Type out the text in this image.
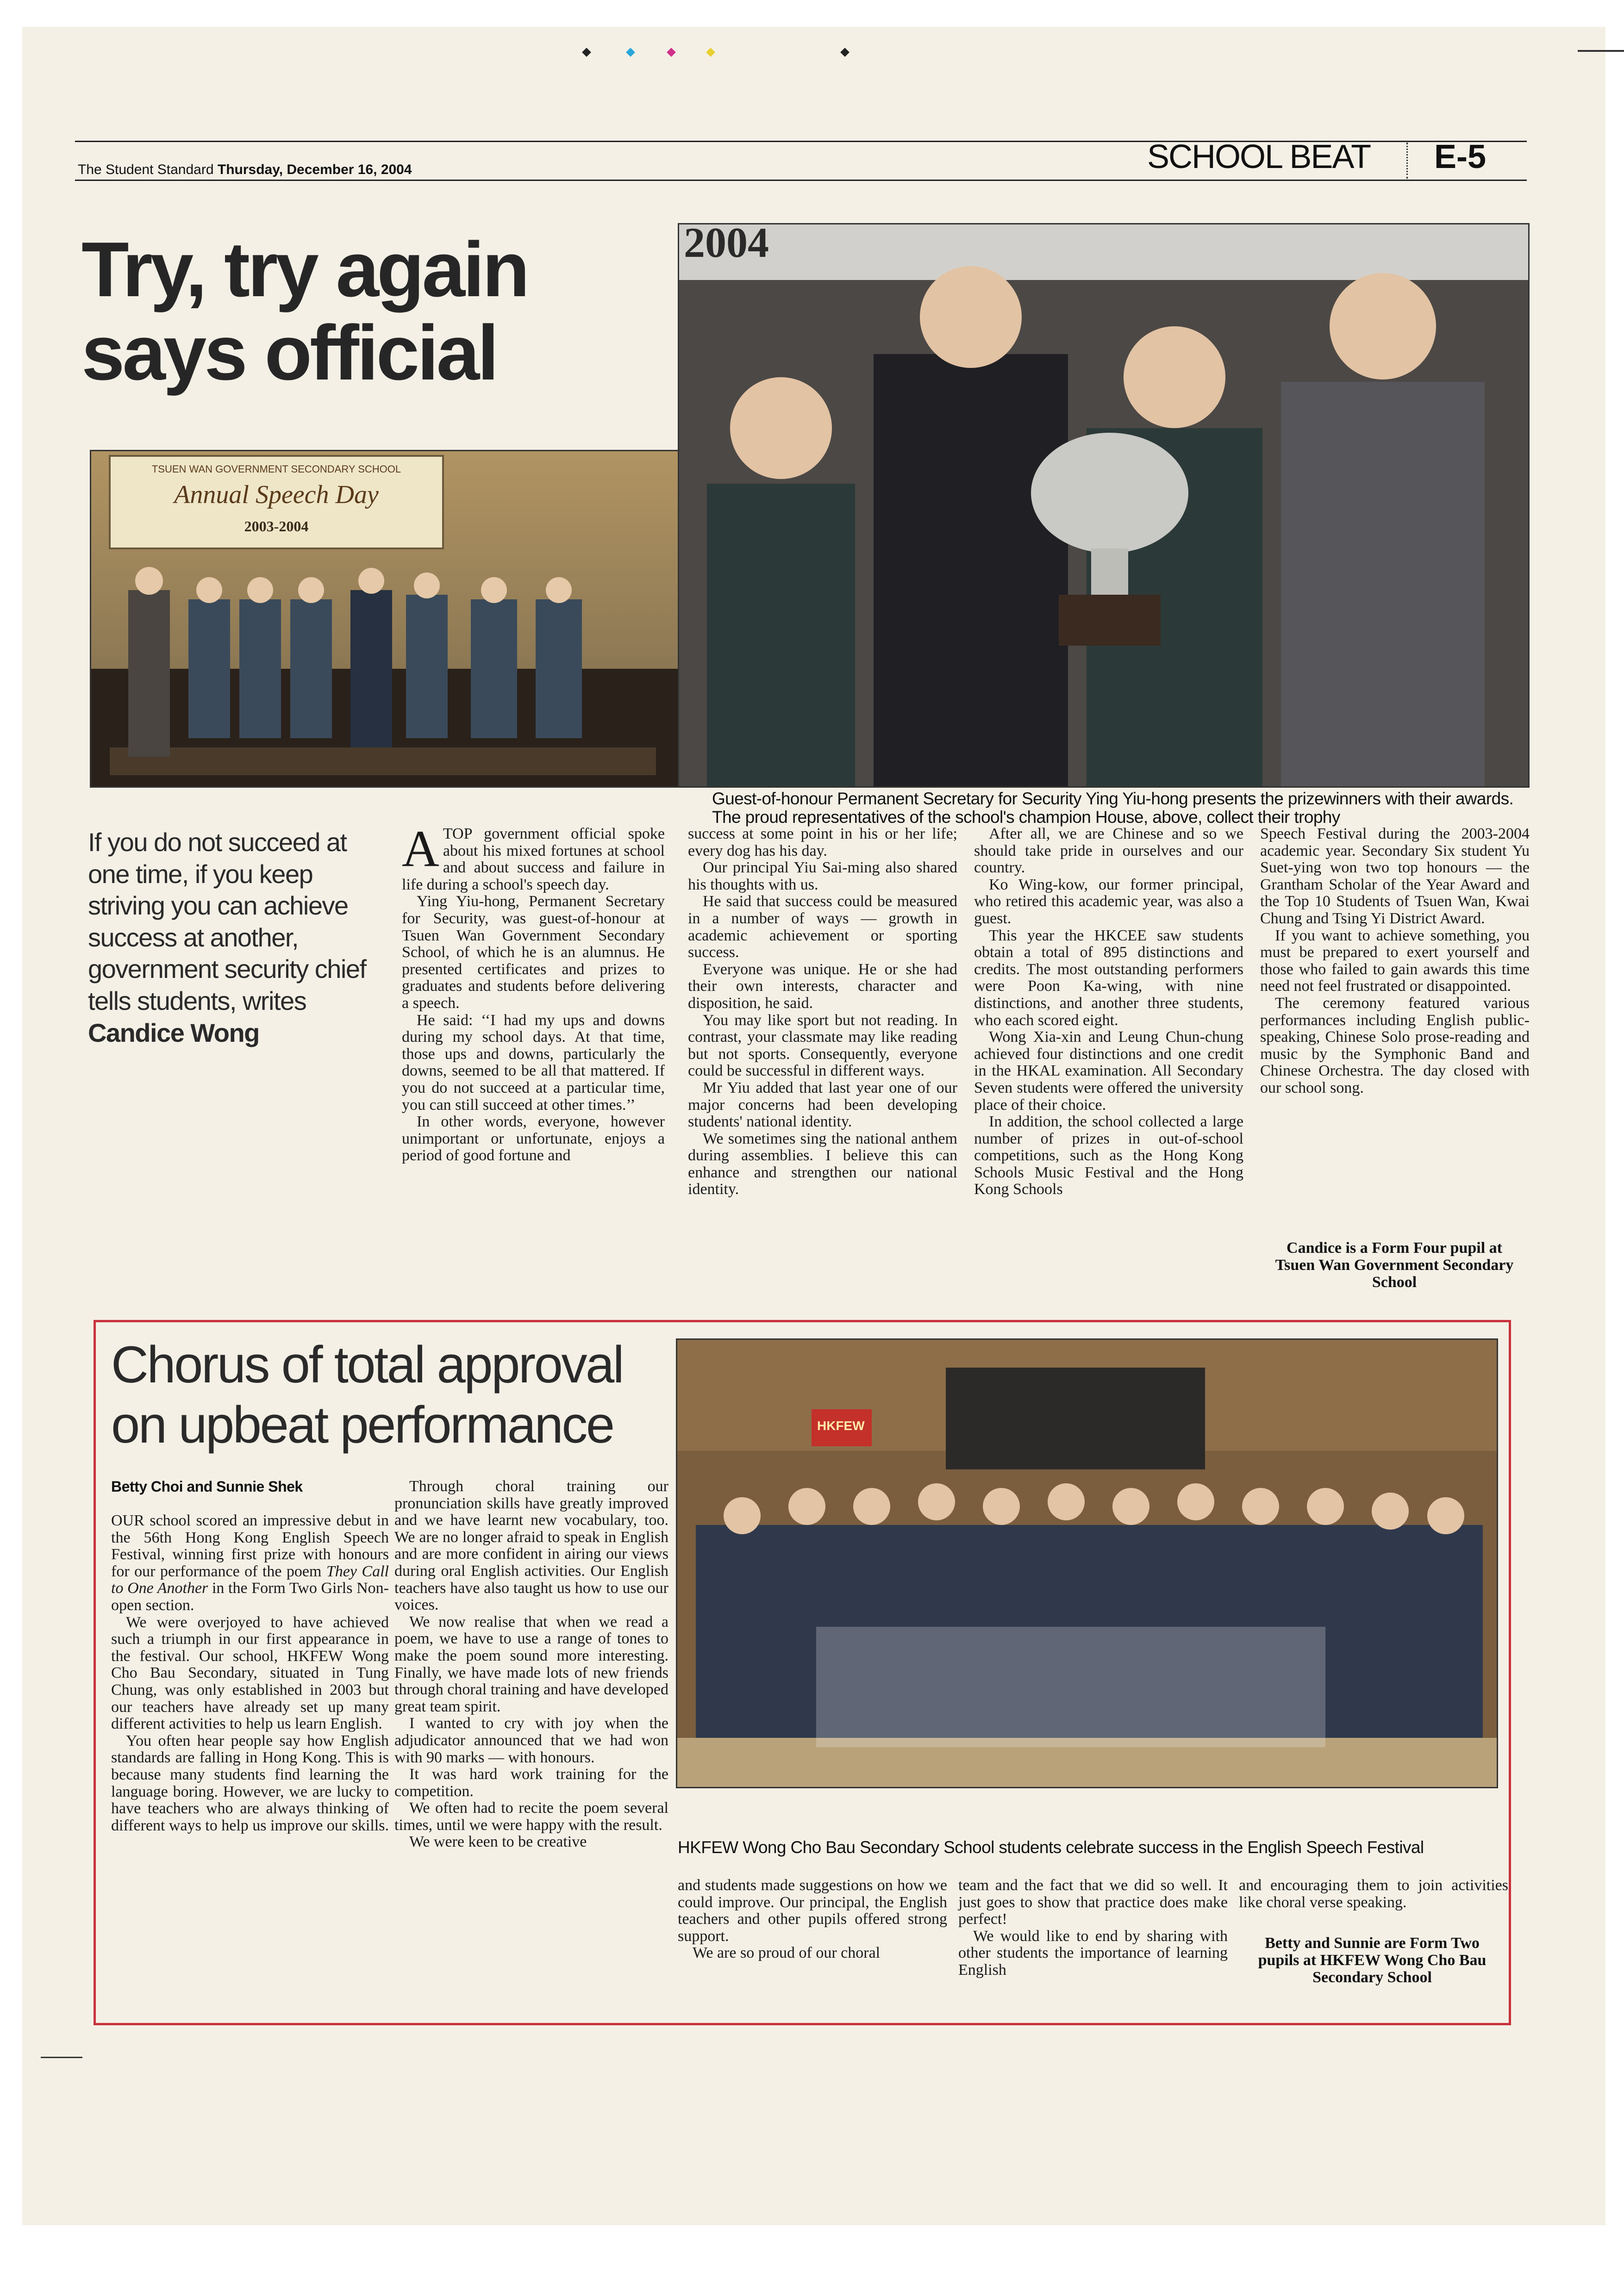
The Student Standard Thursday, December 16, 2004	SCHOOL BEAT E-5
Try, try again
says official
TSUEN WAN GOVERNMENT SECONDARY SCHOOL
Annual Speech Day
2003-2004
2004
Guest-of-honour Permanent Secretary for Security Ying Yiu-hong presents the prizewinners with their awards. The proud representatives of the school's champion House, above, collect their trophy
If you do not succeed at one time, if you keep striving you can achieve success at another, government security chief tells students, writes
Candice Wong
A TOP government official spoke about his mixed fortunes at school and about success and failure in life during a school's speech day.

Ying Yiu-hong, Permanent Secretary for Security, was guest-of-honour at Tsuen Wan Government Secondary School, of which he is an alumnus. He presented certificates and prizes to graduates and students before delivering a speech.

He said: ‘‘I had my ups and downs during my school days. At that time, those ups and downs, particularly the downs, seemed to be all that mattered. If you do not succeed at a particular time, you can still succeed at other times.’’

In other words, everyone, however unimportant or unfortunate, enjoys a period of good fortune and

success at some point in his or her life; every dog has his day.

Our principal Yiu Sai-ming also shared his thoughts with us.

He said that success could be measured in a number of ways — growth in academic achievement or sporting success.

Everyone was unique. He or she had their own interests, character and disposition, he said.

You may like sport but not reading. In contrast, your classmate may like reading but not sports. Consequently, everyone could be successful in different ways.

Mr Yiu added that last year one of our major concerns had been developing students' national identity.

We sometimes sing the national anthem during assemblies. I believe this can enhance and strengthen our national identity.

After all, we are Chinese and so we should take pride in ourselves and our country.

Ko Wing-kow, our former principal, who retired this academic year, was also a guest.

This year the HKCEE saw students obtain a total of 895 distinctions and credits. The most outstanding performers were Poon Ka-wing, with nine distinctions, and another three students, who each scored eight.

Wong Xia-xin and Leung Chun-chung achieved four distinctions and one credit in the HKAL examination. All Secondary Seven students were offered the university place of their choice.

In addition, the school collected a large number of prizes in out-of-school competitions, such as the Hong Kong Schools Music Festival and the Hong Kong Schools

Speech Festival during the 2003-2004 academic year. Secondary Six student Yu Suet-ying won two top honours — the Grantham Scholar of the Year Award and the Top 10 Students of Tsuen Wan, Kwai Chung and Tsing Yi District Award.

If you want to achieve something, you must be prepared to exert yourself and those who failed to gain awards this time need not feel frustrated or disappointed.

The ceremony featured various performances including English public-speaking, Chinese Solo prose-reading and music by the Symphonic Band and Chinese Orchestra. The day closed with our school song.

Candice is a Form Four pupil at Tsuen Wan Government Secondary School
Chorus of total approval
on upbeat performance	HKFEW
HKFEW Wong Cho Bau Secondary School students celebrate success in the English Speech Festival
Betty Choi and Sunnie Shek

OUR school scored an impressive debut in the 56th Hong Kong English Speech Festival, winning first prize with honours for our performance of the poem They Call to One Another in the Form Two Girls Non-open section.

We were overjoyed to have achieved such a triumph in our first appearance in the festival. Our school, HKFEW Wong Cho Bau Secondary, situated in Tung Chung, was only established in 2003 but our teachers have already set up many different activities to help us learn English.

You often hear people say how English standards are falling in Hong Kong. This is because many students find learning the language boring. However, we are lucky to have teachers who are always thinking of different ways to help us improve our skills.

Through choral training our pronunciation skills have greatly improved and we have learnt new vocabulary, too. We are no longer afraid to speak in English and are more confident in airing our views during oral English activities. Our English teachers have also taught us how to use our voices.

We now realise that when we read a poem, we have to use a range of tones to make the poem sound more interesting. Finally, we have made lots of new friends through choral training and have developed great team spirit.

I wanted to cry with joy when the adjudicator announced that we had won with 90 marks — with honours.

It was hard work training for the competition.

We often had to recite the poem several times, until we were happy with the result.

We were keen to be creative

and students made suggestions on how we could improve. Our principal, the English teachers and other pupils offered strong support.

We are so proud of our choral

team and the fact that we did so well. It just goes to show that practice does make perfect!

We would like to end by sharing with other students the importance of learning English

and encouraging them to join activities like choral verse speaking.

Betty and Sunnie are Form Two pupils at HKFEW Wong Cho Bau Secondary School
